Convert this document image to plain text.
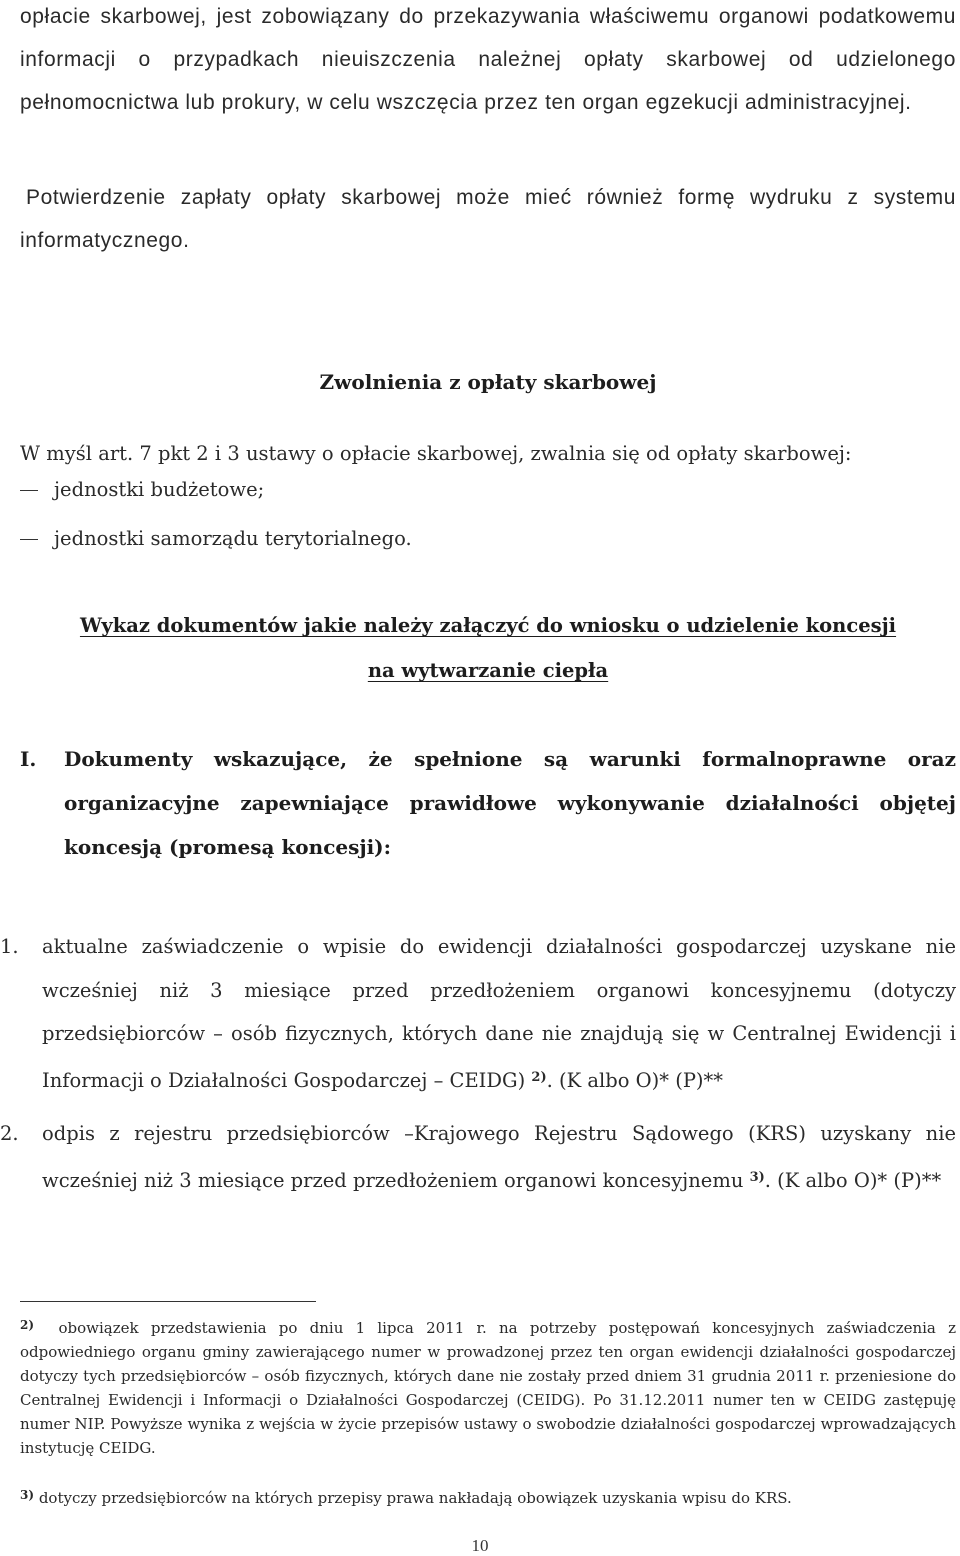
opłacie skarbowej, jest zobowiązany do przekazywania właściwemu organowi podatkowemu informacji o przypadkach nieuiszczenia należnej opłaty skarbowej od udzielonego pełnomocnictwa lub prokury, w celu wszczęcia przez ten organ egzekucji administracyjnej.
Potwierdzenie zapłaty opłaty skarbowej może mieć również formę wydruku z systemu informatycznego.
Zwolnienia z opłaty skarbowej
W myśl art. 7 pkt 2 i 3 ustawy o opłacie skarbowej, zwalnia się od opłaty skarbowej:
jednostki budżetowe;
jednostki samorządu terytorialnego.
Wykaz dokumentów jakie należy załączyć do wniosku o udzielenie koncesji
na wytwarzanie ciepła
I. Dokumenty wskazujące, że spełnione są warunki formalnoprawne oraz organizacyjne zapewniające prawidłowe wykonywanie działalności objętej koncesją (promesą koncesji):
1. aktualne zaświadczenie o wpisie do ewidencji działalności gospodarczej uzyskane nie wcześniej niż 3 miesiące przed przedłożeniem organowi koncesyjnemu (dotyczy przedsiębiorców – osób fizycznych, których dane nie znajdują się w Centralnej Ewidencji i Informacji o Działalności Gospodarczej – CEIDG) $^{2)}$. (K albo O)* (P)**
2. odpis z rejestru przedsiębiorców –Krajowego Rejestru Sądowego (KRS) uzyskany nie wcześniej niż 3 miesiące przed przedłożeniem organowi koncesyjnemu $^{3)}$. (K albo O)* (P)**
$^{2)}$ obowiązek przedstawienia po dniu 1 lipca 2011 r. na potrzeby postępowań koncesyjnych zaświadczenia z odpowiedniego organu gminy zawierającego numer w prowadzonej przez ten organ ewidencji działalności gospodarczej dotyczy tych przedsiębiorców – osób fizycznych, których dane nie zostały przed dniem 31 grudnia 2011 r. przeniesione do Centralnej Ewidencji i Informacji o Działalności Gospodarczej (CEIDG). Po 31.12.2011 numer ten w CEIDG zastępuję numer NIP. Powyższe wynika z wejścia w życie przepisów ustawy o swobodzie działalności gospodarczej wprowadzających instytucję CEIDG.
$^{3)}$ dotyczy przedsiębiorców na których przepisy prawa nakładają obowiązek uzyskania wpisu do KRS.
10
